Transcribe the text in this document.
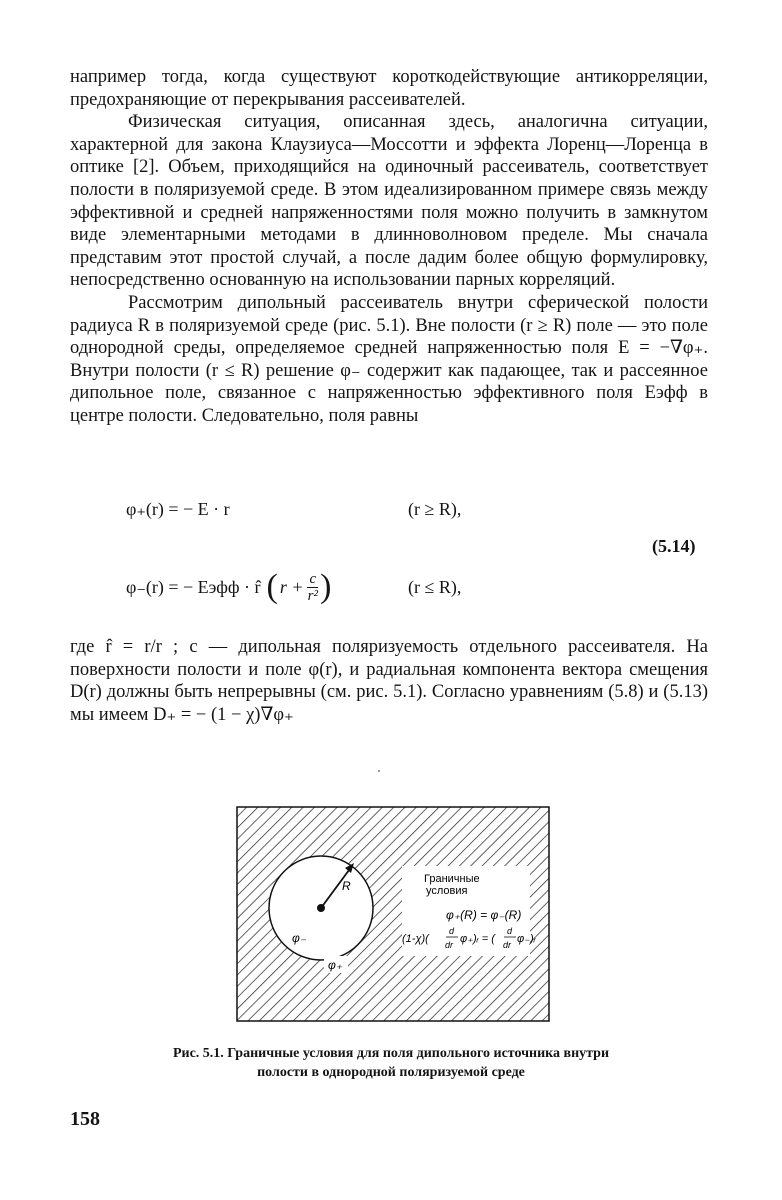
например тогда, когда существуют короткодействующие антикорреляции, предохраняющие от перекрывания рассеивателей.

Физическая ситуация, описанная здесь, аналогична ситуации, характерной для закона Клаузиуса—Моссотти и эффекта Лоренц—Лоренца в оптике [2]. Объем, приходящийся на одиночный рассеиватель, соответствует полости в поляризуемой среде. В этом идеализированном примере связь между эффективной и средней напряженностями поля можно получить в замкнутом виде элементарными методами в длинноволновом пределе. Мы сначала представим этот простой случай, а после дадим более общую формулировку, непосредственно основанную на использовании парных корреляций.

Рассмотрим дипольный рассеиватель внутри сферической полости радиуса R в поляризуемой среде (рис. 5.1). Вне полости (r ≥ R) поле — это поле однородной среды, определяемое средней напряженностью поля E = −∇φ₊. Внутри полости (r ≤ R) решение φ₋ содержит как падающее, так и рассеянное дипольное поле, связанное с напряженностью эффективного поля Eэфф в центре полости. Следовательно, поля равны

φ₊(r) = − E · r	(r ≥ R),
(5.14)
φ₋(r) = − Eэфф · r̂ ( $r + \frac{c}{\text{r²}}$ )	(r ≤ R),

где r̂ = r/r ; c — дипольная поляризуемость отдельного рассеивателя. На поверхности полости и поле φ(r), и радиальная компонента вектора смещения D(r) должны быть непрерывны (см. рис. 5.1). Согласно уравнениям (5.8) и (5.13) мы имеем D₊ = − (1 − χ)∇φ₊

R
φ₋
φ₊
Граничные
условия
φ₊(R) = φ₋(R)
(1-χ)(
d
dr φ₊)ᵣ = (
d
dr φ₋)ᵣ
Рис. 5.1. Граничные условия для поля дипольного источника внутри
полости в однородной поляризуемой среде
158
